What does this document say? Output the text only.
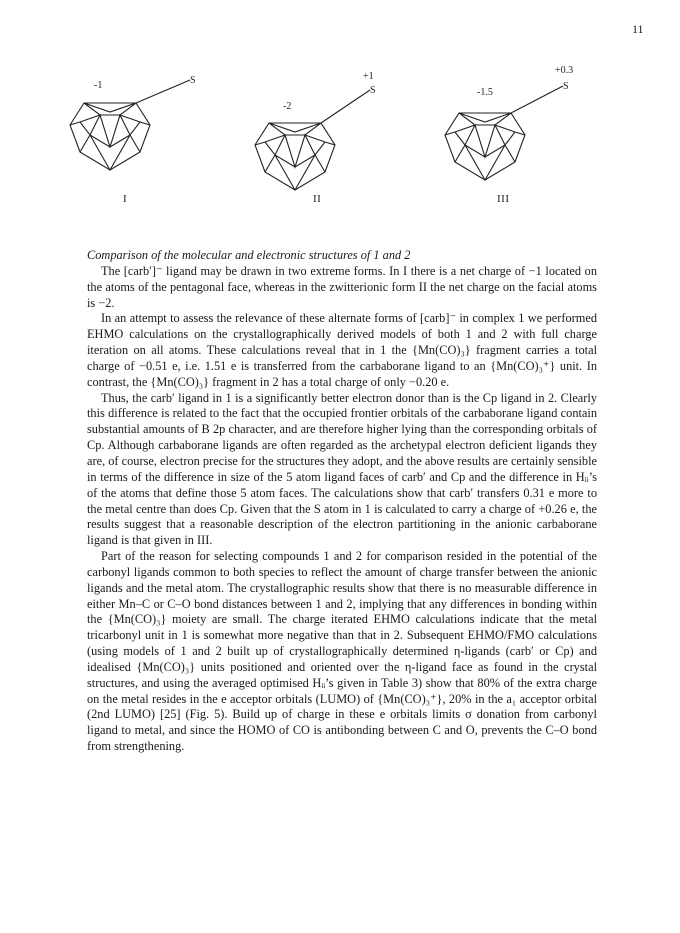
11
S
-1	S
+1
-2
S
+0.3
-1.5
I	II	III
Comparison of the molecular and electronic structures of 1 and 2

The [carb′]⁻ ligand may be drawn in two extreme forms. In I there is a net charge of −1 located on the atoms of the pentagonal face, whereas in the zwitterionic form II the net charge on the facial atoms is −2.

In an attempt to assess the relevance of these alternate forms of [carb]⁻ in complex 1 we performed EHMO calculations on the crystallographically derived models of both 1 and 2 with full charge iteration on all atoms. These calculations reveal that in 1 the {Mn(CO)₃} fragment carries a total charge of −0.51 e, i.e. 1.51 e is transferred from the carbaborane ligand to an {Mn(CO)₃⁺} unit. In contrast, the {Mn(CO)₃} fragment in 2 has a total charge of only −0.20 e.

Thus, the carb′ ligand in 1 is a significantly better electron donor than is the Cp ligand in 2. Clearly this difference is related to the fact that the occupied frontier orbitals of the carbaborane ligand contain substantial amounts of B 2p character, and are therefore higher lying than the corresponding orbitals of Cp. Although carbaborane ligands are often regarded as the archetypal electron deficient ligands they are, of course, electron precise for the structures they adopt, and the above results are certainly sensible in terms of the difference in size of the 5 atom ligand faces of carb′ and Cp and the difference in Hᵢᵢ’s of the atoms that define those 5 atom faces. The calculations show that carb′ transfers 0.31 e more to the metal centre than does Cp. Given that the S atom in 1 is calculated to carry a charge of +0.26 e, the results suggest that a reasonable description of the electron partitioning in the anionic carbaborane ligand is that given in III.

Part of the reason for selecting compounds 1 and 2 for comparison resided in the potential of the carbonyl ligands common to both species to reflect the amount of charge transfer between the anionic ligands and the metal atom. The crystallographic results show that there is no measurable difference in either Mn–C or C–O bond distances between 1 and 2, implying that any differences in bonding within the {Mn(CO)₃} moiety are small. The charge iterated EHMO calculations indicate that the metal tricarbonyl unit in 1 is somewhat more negative than that in 2. Subsequent EHMO/FMO calculations (using models of 1 and 2 built up of crystallographically determined η-ligands (carb′ or Cp) and idealised {Mn(CO)₃} units positioned and oriented over the η-ligand face as found in the crystal structures, and using the averaged optimised Hᵢᵢ’s given in Table 3) show that 80% of the extra charge on the metal resides in the e acceptor orbitals (LUMO) of {Mn(CO)₃⁺}, 20% in the a₁ acceptor orbital (2nd LUMO) [25] (Fig. 5). Build up of charge in these e orbitals limits σ donation from carbonyl ligand to metal, and since the HOMO of CO is antibonding between C and O, prevents the C–O bond from strengthening.
